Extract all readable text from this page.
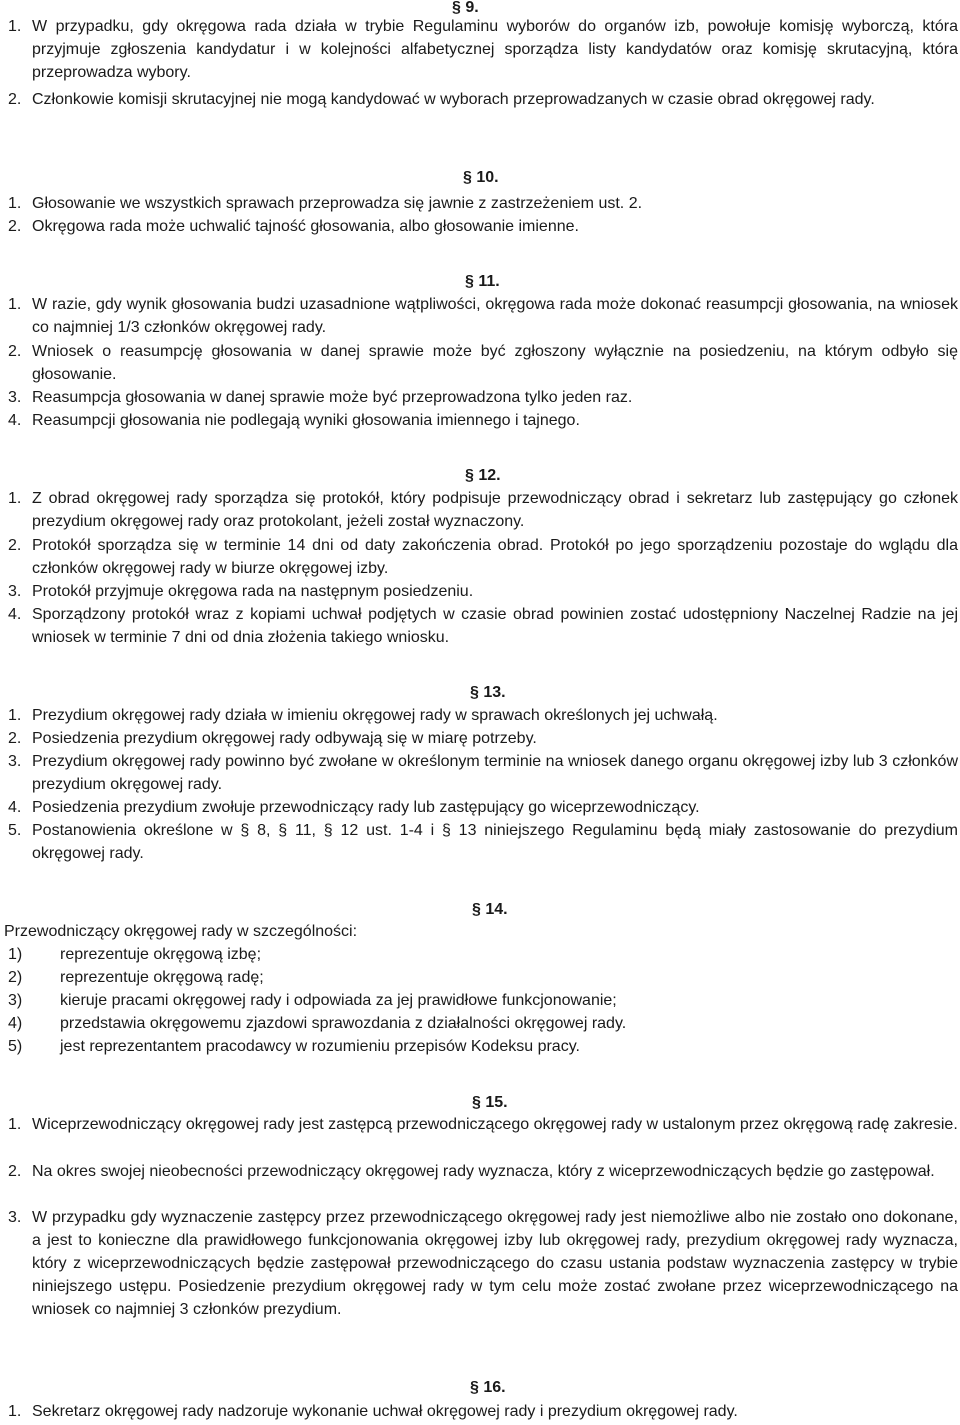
§ 9.
1. W przypadku, gdy okręgowa rada działa w trybie Regulaminu wyborów do organów izb, powołuje komisję wyborczą, która przyjmuje zgłoszenia kandydatur i w kolejności alfabetycznej sporządza listy kandydatów oraz komisję skrutacyjną, która przeprowadza wybory.
2. Członkowie komisji skrutacyjnej nie mogą kandydować w wyborach przeprowadzanych w czasie obrad okręgowej rady.
§ 10.
1. Głosowanie we wszystkich sprawach przeprowadza się jawnie z zastrzeżeniem ust. 2.
2. Okręgowa rada może uchwalić tajność głosowania, albo głosowanie imienne.
§ 11.
1. W razie, gdy wynik głosowania budzi uzasadnione wątpliwości, okręgowa rada może dokonać reasumpcji głosowania, na wniosek co najmniej 1/3 członków okręgowej rady.
2. Wniosek o reasumpcję głosowania w danej sprawie może być zgłoszony wyłącznie na posiedzeniu, na którym odbyło się głosowanie.
3. Reasumpcja głosowania w danej sprawie może być przeprowadzona tylko jeden raz.
4. Reasumpcji głosowania nie podlegają wyniki głosowania imiennego i tajnego.
§ 12.
1. Z obrad okręgowej rady sporządza się protokół, który podpisuje przewodniczący obrad i sekretarz lub zastępujący go członek prezydium okręgowej rady oraz protokolant, jeżeli został wyznaczony.
2. Protokół sporządza się w terminie 14 dni od daty zakończenia obrad. Protokół po jego sporządzeniu pozostaje do wglądu dla członków okręgowej rady w biurze okręgowej izby.
3. Protokół przyjmuje okręgowa rada na następnym posiedzeniu.
4. Sporządzony protokół wraz z kopiami uchwał podjętych w czasie obrad powinien zostać udostępniony Naczelnej Radzie na jej wniosek w terminie 7 dni od dnia złożenia takiego wniosku.
§ 13.
1. Prezydium okręgowej rady działa w imieniu okręgowej rady w sprawach określonych jej uchwałą.
2. Posiedzenia prezydium okręgowej rady odbywają się w miarę potrzeby.
3. Prezydium okręgowej rady powinno być zwołane w określonym terminie na wniosek danego organu okręgowej izby lub 3 członków prezydium okręgowej rady.
4. Posiedzenia prezydium zwołuje przewodniczący rady lub zastępujący go wiceprzewodniczący.
5. Postanowienia określone w § 8, § 11, § 12 ust. 1-4 i § 13 niniejszego Regulaminu będą miały zastosowanie do prezydium okręgowej rady.
§ 14.
Przewodniczący okręgowej rady w szczególności:
1)	reprezentuje okręgową izbę;
2)	reprezentuje okręgową radę;
3)	kieruje pracami okręgowej rady i odpowiada za jej prawidłowe funkcjonowanie;
4)	przedstawia okręgowemu zjazdowi sprawozdania z działalności okręgowej rady.
5)	jest reprezentantem pracodawcy w rozumieniu przepisów Kodeksu pracy.
§ 15.
1. Wiceprzewodniczący okręgowej rady jest zastępcą przewodniczącego okręgowej rady w ustalonym przez okręgową radę zakresie.
2. Na okres swojej nieobecności przewodniczący okręgowej rady wyznacza, który z wiceprzewodniczących będzie go zastępował.
3. W przypadku gdy wyznaczenie zastępcy przez przewodniczącego okręgowej rady jest niemożliwe albo nie zostało ono dokonane, a jest to konieczne dla prawidłowego funkcjonowania okręgowej izby lub okręgowej rady, prezydium okręgowej rady wyznacza, który z wiceprzewodniczących będzie zastępował przewodniczącego do czasu ustania podstaw wyznaczenia zastępcy w trybie niniejszego ustępu. Posiedzenie prezydium okręgowej rady w tym celu może zostać zwołane przez wiceprzewodniczącego na wniosek co najmniej 3 członków prezydium.
§ 16.
1. Sekretarz okręgowej rady nadzoruje wykonanie uchwał okręgowej rady i prezydium okręgowej rady.
